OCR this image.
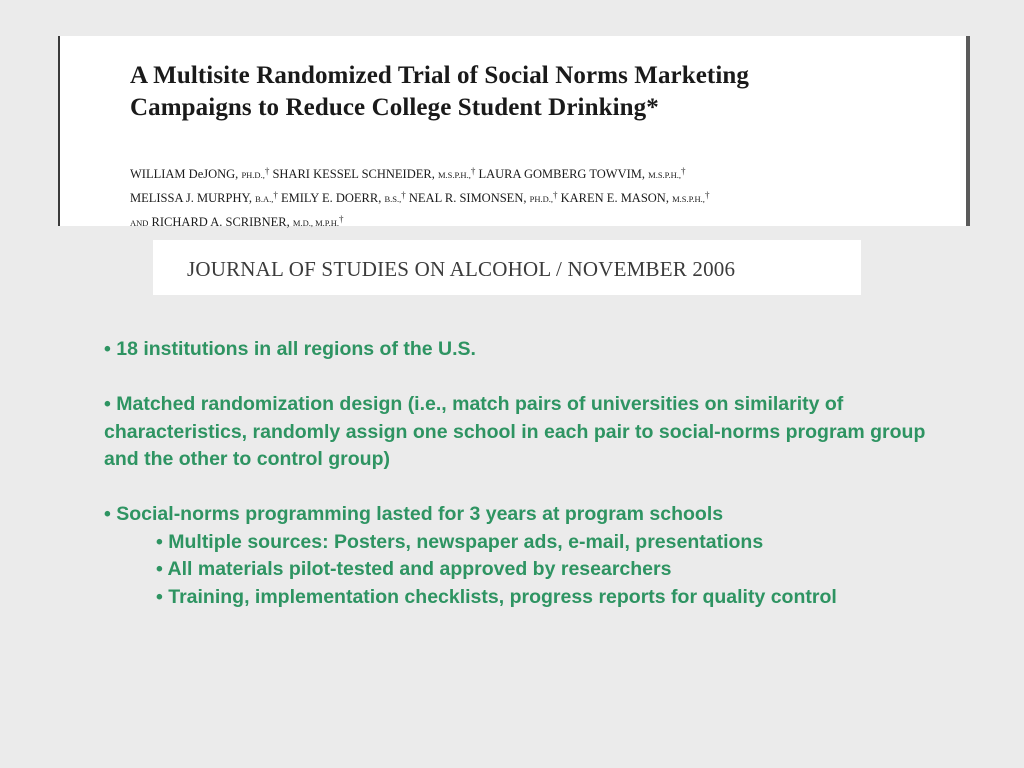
A Multisite Randomized Trial of Social Norms Marketing
Campaigns to Reduce College Student Drinking*
WILLIAM DeJONG, PH.D.,† SHARI KESSEL SCHNEIDER, M.S.P.H.,† LAURA GOMBERG TOWVIM, M.S.P.H.,†
MELISSA J. MURPHY, B.A.,† EMILY E. DOERR, B.S.,† NEAL R. SIMONSEN, PH.D.,† KAREN E. MASON, M.S.P.H.,†
AND RICHARD A. SCRIBNER, M.D., M.P.H.†
JOURNAL OF STUDIES ON ALCOHOL / NOVEMBER 2006

• 18 institutions in all regions of the U.S.

• Matched randomization design (i.e., match pairs of universities on similarity of characteristics, randomly assign one school in each pair to social-norms program group and the other to control group)

• Social-norms programming lasted for 3 years at program schools

• Multiple sources: Posters, newspaper ads, e-mail, presentations

• All materials pilot-tested and approved by researchers

• Training, implementation checklists, progress reports for quality control
